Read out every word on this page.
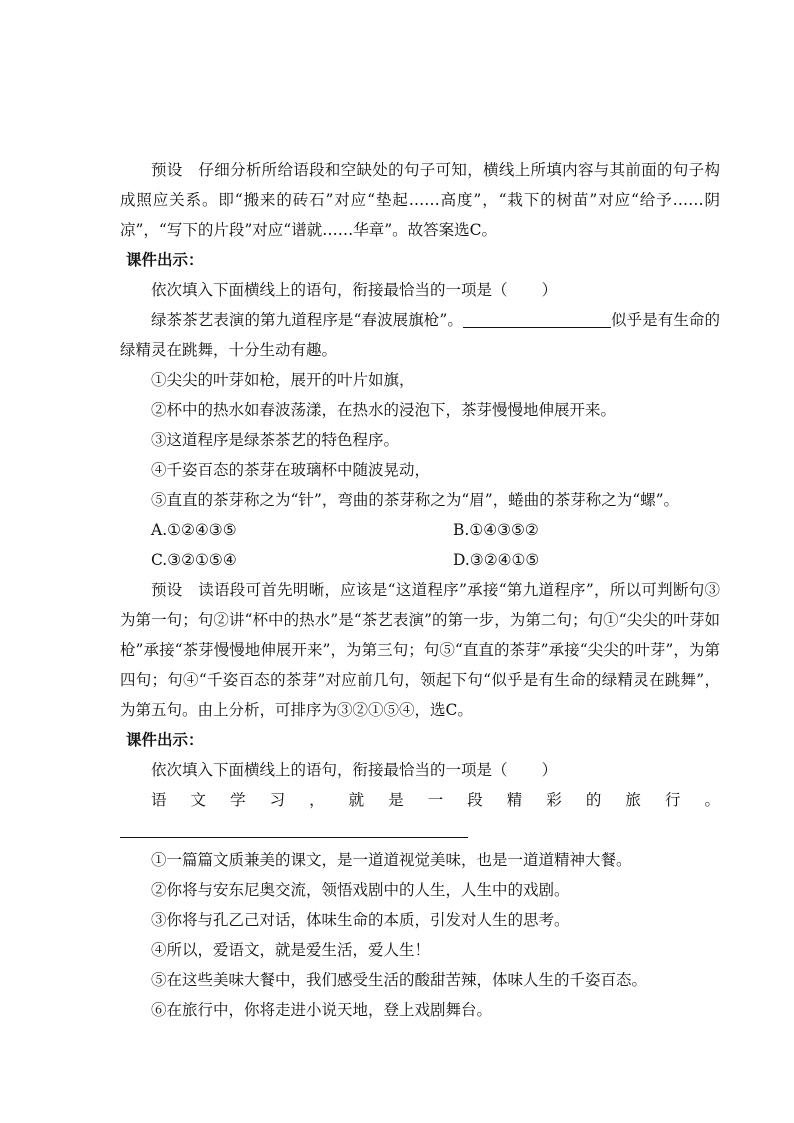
预设 仔细分析所给语段和空缺处的句子可知，横线上所填内容与其前面的句子构成照应关系。即“搬来的砖石”对应“垫起……高度”，“栽下的树苗”对应“给予……阴凉”，“写下的片段”对应“谱就……华章”。故答案选C。

课件出示：

依次填入下面横线上的语句，衔接最恰当的一项是（ ）

绿茶茶艺表演的第九道程序是“春波展旗枪”。	似乎是有生命的绿精灵在跳舞，十分生动有趣。

①尖尖的叶芽如枪，展开的叶片如旗，

②杯中的热水如春波荡漾，在热水的浸泡下，茶芽慢慢地伸展开来。

③这道程序是绿茶茶艺的特色程序。

④千姿百态的茶芽在玻璃杯中随波晃动，

⑤直直的茶芽称之为“针”，弯曲的茶芽称之为“眉”，蜷曲的茶芽称之为“螺”。

A.①②④③⑤	B.①④③⑤②
C.③②①⑤④	D.③②④①⑤

预设 读语段可首先明晰，应该是“这道程序”承接“第九道程序”，所以可判断句③为第一句；句②讲“杯中的热水”是“茶艺表演”的第一步，为第二句；句①“尖尖的叶芽如枪”承接“茶芽慢慢地伸展开来”，为第三句；句⑤“直直的茶芽”承接“尖尖的叶芽”，为第四句；句④“千姿百态的茶芽”对应前几句，领起下句“似乎是有生命的绿精灵在跳舞”，为第五句。由上分析，可排序为③②①⑤④，选C。

课件出示：

依次填入下面横线上的语句，衔接最恰当的一项是（ ）

语文学习，就是一段精彩的旅行。

①一篇篇文质兼美的课文，是一道道视觉美味，也是一道道精神大餐。

②你将与安东尼奥交流，领悟戏剧中的人生，人生中的戏剧。

③你将与孔乙己对话，体味生命的本质，引发对人生的思考。

④所以，爱语文，就是爱生活，爱人生！

⑤在这些美味大餐中，我们感受生活的酸甜苦辣，体味人生的千姿百态。

⑥在旅行中，你将走进小说天地，登上戏剧舞台。
